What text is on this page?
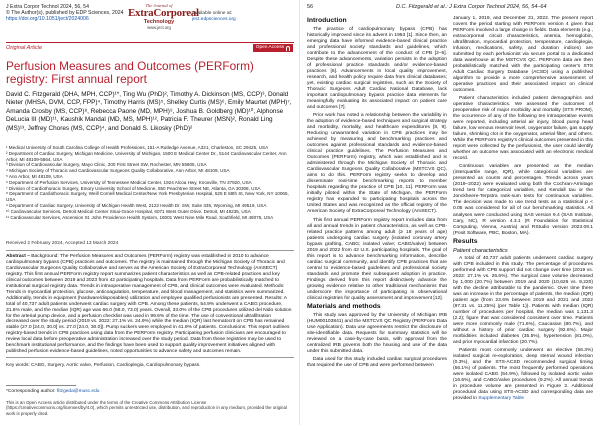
J Extra Corpor Technol 2024, 56, 54
© The Author(s), published by EDP Sciences, 2024
https://doi.org/10.1051/ject/2024006
The Journal of
ExtraCorporeal
Technology
www.ject.org
Available online at:
ject.edpsciences.org
Original Article	Open Access
Perfusion Measures and Outcomes (PERForm) registry: First annual report
David C. Fitzgerald (DHA, MPH, CCP)¹*, Ting Wu (PhD)², Timothy A. Dickinson (MS, CCP)³, Donald Nieter (MHSA, DVM, CCP, FPP)⁴, Timothy Harris (MS)⁵, Shelley Curtis (MS)⁶, Emily Maurtet (MPH)⁷, Amanda Crosby (MS, CCP)⁸, Rebecca Paone (MD, MPH)⁹, Joshua B. Goldberg (MD)¹⁰, Alphonse DeLucia III (MD)¹¹, Kaushik Mandal (MD, MS, MPH)¹², Patricia F. Theurer (MSN)², Ronald Ling (MS)¹³, Jeffrey Chores (MS, CCP)⁴, and Donald S. Likosky (PhD)²
¹ Medical University of South Carolina College of Health Professions, 151-A Rutledge Avenue, A321, Charleston, SC 29425, USA
² Department of Cardiac Surgery, Michigan Medicine, University of Michigan, 1500 E Medical Center Dr., 5144 Cardiovascular Center, Ann Arbor, MI 48109-5864, USA
³ Division of Cardiovascular Surgery, Mayo Clinic, 200 First Street SW, Rochester, MN 55905, USA
⁴ Michigan Society of Thoracic and Cardiovascular Surgeons Quality Collaborative, Ann Arbor, MI 48109, USA
⁵ Ann Arbor, MI 48109, USA
⁶ Department of Perfusion Services, University of Tennessee Medical Center, 1924 Alcoa Hwy, Knoxville, TN 37920, USA
⁷ Division of Cardiothoracic Surgery, Emory University School of Medicine, 550 Peachtree Street NE, Atlanta, GA 30308, USA
⁸ Department of Cardiothoracic Surgery, Weill Cornell Medical Center/New York Presbyterian Hospital, 525 E 68th St, New York, NY 10065, USA
⁹ Department of Cardiac Surgery, University of Michigan Health West, 2122 Health Dr. SW, Suite 335, Wyoming, MI 49519, USA
¹⁰ Cardiovascular Services, Detroit Medical Center Sinai-Grace Hospital, 6071 West Outer Drive, Detroit, MI 48235, USA
¹¹ Cardiovascular Services, Ascension St. John Providence Health System, 16001 West Nine Mile Road, Southfield, MI 48075, USA
Received 2 February 2024, Accepted 13 March 2024
Abstract – Background: The Perfusion Measures and Outcomes (PERForm) registry was established in 2010 to advance cardiopulmonary bypass (CPB) practices and outcomes. The registry is maintained through the Michigan Society of Thoracic and Cardiovascular Surgeons Quality Collaborative and serves as the American Society of ExtraCorporeal Technology (AmSECT) registry. This first annual PERForm registry report summarizes patient characteristics as well as CPB-related practices and key clinical outcomes between 2019 and 2023 from 42 participating hospitals. Data from PERForm are probabilistically matched to institutional surgical registry data. Trends in intraoperative management of CPB, and clinical outcomes were evaluated. Methods: Trends in myocardial protection, glucose, anticoagulation, temperature, and blood management, and statistics were summarized. Additionally, trends in equipment (hardware/disposables) utilization and employee qualified perfusionists are presented. Results: A total of 40,737 adult patients underwent cardiac surgery with CPB. Among these patients, 54.9% underwent a CABG procedure, 31.6% male, and the median (IQR) age was 66.0 (58.0, 73.0) years. Overall, 33.0% of the CPB procedures utilized del Nido solution for the arterial pump device, and a perfusion checklist was used in 99.6% of the time. The use of conventional ultrafiltration decreased over the study period (2019 vs. 2022: 27.1% vs. 24.9%) while the median (IQR) last hematocrit on CPB has remained stable (27.0 [24.0, 30.0] vs. 27.0 [24.0, 30.0]). Pump suckers were employed in 41.9% of patients. Conclusions: This report outlines registry-based trends in CPB practices using data from the PERForm registry. Participating perfusion clinicians are encouraged to review local data before preoperative administration increased over the study period. Data from these registries may be used to benchmark institutional performance, and the findings have been used to support quality improvement initiatives aligned with published perfusion evidence-based guidelines, noted opportunities to advance safety and outcomes remain.
Key words: CABG, Surgery, Aortic valve, Perfusion, Cardioplegia, Cardiopulmonary bypass.
*Corresponding author: fitzgeda@musc.edu
This is an Open Access article distributed under the terms of the Creative Commons Attribution License (https://creativecommons.org/licenses/by/4.0), which permits unrestricted use, distribution, and reproduction in any medium, provided the original work is properly cited.
56	D.C. Fitzgerald et al.: J Extra Corpor Technol 2024, 56, 54–64
Introduction

The practice of cardiopulmonary bypass (CPB) has historically improved since its advent in 1953 [1]. Since then, an emerging data have informed evidence-based clinical practice and professional society standards and guidelines, which contribute to the advancement of the conduct of CPB [2–5]. Despite these advancements, variation persists in the adoption of professional practice standards and/or evidence-based practices [6]. Advancements in local quality improvement, research, and health policy require data from clinical databases; yet, existing cardiac surgical registries, such as the Society of Thoracic Surgeons Adult Cardiac National Database, lack important cardiopulmonary bypass practice data elements for meaningfully evaluating its associated impact on patient care and outcomes [7].

Prior work has noted a relationship between the variability in the adoption of evidence-based techniques and surgical strategy and morbidity, mortality, and healthcare expenditures [8, 9]. Reducing unwarranted variation in CPB practices may be achieved by measuring and benchmarking practices and outcomes against professional standards and evidence-based clinical practice guidelines. The Perfusion Measures and Outcomes (PERForm) registry, which was established and is administered through the Michigan Society of Thoracic and Cardiovascular Surgeons Quality Collaborative (MSTCVS QC), aims to do this. PERForm registry seeks to develop and disseminate real-time benchmarking reports to member hospitals regarding the practice of CPB [10, 11]. PERForm was initially piloted within the State of Michigan, the PERForm registry has expanded to participating hospitals across the United States and was recognized as the official registry of the American Society of ExtraCorporeal Technology (AmSECT).

This first annual PERForm registry report includes data from all and annual trends in patient characteristics, as well as CPB-related practice patterns among adult (≥ 18 years of age) patients undergoing cardiac surgery (isolated coronary artery bypass grafting, CABG; isolated valve; CABG/valve) between 2019 and 2022 from 42 U.S. participating hospitals. The goal of this report is to advance benchmarking information, describe cardiac surgical community, and identify CPB practices that are central to evidence-based guidelines and professional society standards and promote their subsequent adoption in practice. Findings derived from this report distinctively advance the growing evidence relative to other traditional mechanisms that underscore the importance of participating in observational clinical registries for quality assessment and improvement [12].

Materials and methods

This study was approved by the University of Michigan IRB (HUM00103841) and the MSTCVS QC Registry (PERForm Data Use Application). Data use agreements restrict the disclosure of site-identifiable data. Requests for summary statistics will be reviewed on a case-by-case basis, with approval from the centralized IRB governs both the housing and use of the data under this submitted data.

Data used for this study included cardiac surgical procedures that required the use of CPB and were performed between

January 1, 2019, and December 31, 2022. The present report covers the period starting with PERForm version 4 given that PERForm involved a large change in fields. Data elements (e.g., extracorporeal circuit characteristics, anemia, hemoglobin, ultrafiltration, myocardial protection, temperature, cardioplegia, infusion, medications, safety, and duration indices) are submitted by each perfusionist via secure portal to a dedicated data warehouse at the MSTCVS QC. PERForm data are then probabilistically matched with the participating center's STS Adult Cardiac Surgery Database (ACSD) using a published algorithm to provide a more comprehensive assessment of operative practices and their associated impact on clinical outcomes.

Patient characteristics included patient demographics and operative characteristics. We assessed the outcomes of preoperative risk of major morbidity and mortality (STS PROM), the occurrence of any of the following ten intraoperative events were reported, including arterial air injury, blood pump head failure, low venous reservoir level, oxygenator failure, gas supply failure, shrinking clot in the oxygenator, arterial filter, and others. While the PERForm registry's clinical outcomes presented in this report were collected by the perfusionist, the user could identify whether an outcome was associated with an electronic medical record.

Continuous variables are presented as the median (interquartile range, IQR), while categorical variables are presented as counts and percentages. Trends across years (2019–2022) were evaluated using both the Cochran-Armitage trend test for categorical variables, and Kendall tau or the Jonckheere-Terpstra rank-sum tests for continuous variables. The decision was made to use trend tests as a statistical p < 0.05 was considered for all of our benchmarking statistics. All analyses were conducted using SAS version 9.4 (SAS Institute, Cary, NC), R version 4.3.1 (R Foundation for Statistical Computing, Vienna, Austria) and RStudio version 2023.09.1 (Posit Software, PBC, Boston, MA).

Results
Patient characteristics

A total of 40,737 adult patients underwent cardiac surgery with CPB included in this study. The percentage of procedures performed with CPB support did not change over time (2019 vs. 2022: 27.1% vs. 26.6%). The surgical case volume decreased by 1,000 (20.7%) between 2019 and 2020 (10,626 vs. 9,220) with the decline attributable to the pandemic. Over time there was an increase in the percentage of patients, the median (IQR) patient age (from 23.6% between 2019 and 2021 and 2022 (97.31 vs. 11.25%) (per Table 1)). Patients with median (IQR) number of procedures per hospital, the median was 1,131.3 (2.2); figure that was considered consistent over time. Patients were more commonly male (71.6%), Caucasian (80.7%), and without a history of prior cardiac surgery (92.6%). Major morbidities included diabetes (35.5%), hypertension (81.0%), and prior myocardial infarction (20.7%).

Patients most commonly underwent an elective (56.3%) isolated surgical re-exploration, deep sternal wound infection (0.3%), and the STS-ACSD recommended surgical timing (56.1%) of patients. The most frequently performed operations were isolated CABG (54.9%), followed by isolated aortic valve (16.6%), and CABG/valve procedures (9.2%). All annual trends in procedure volume are presented in Figure 2. Additional procedural data using STS-ACSD and corresponding data are provided in Supplementary Table
